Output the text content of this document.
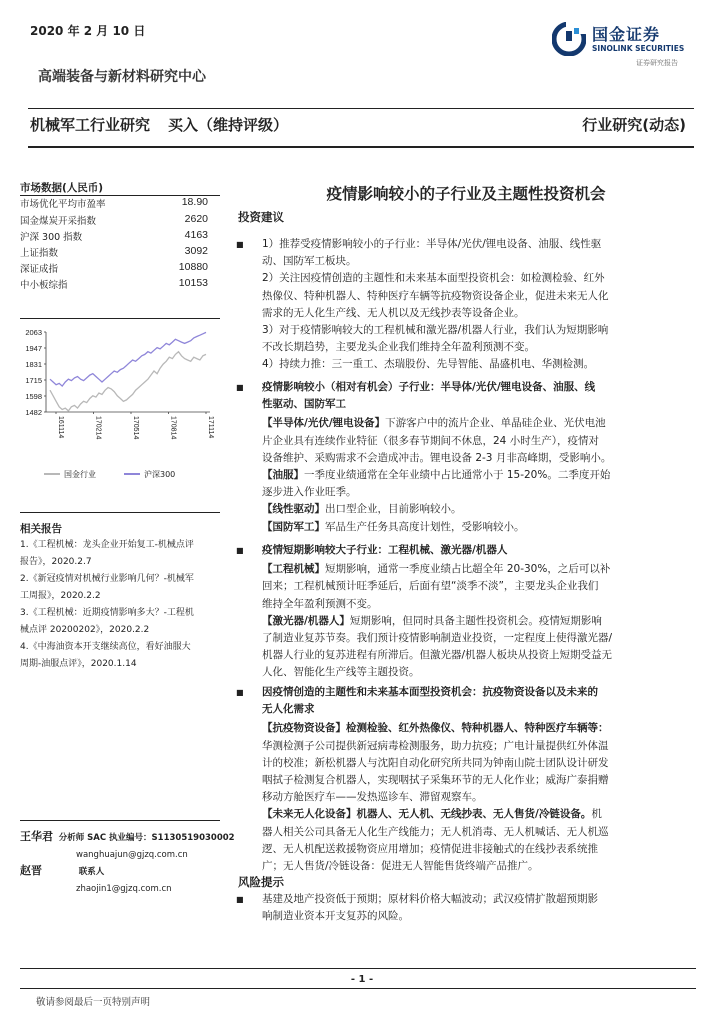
2020 年 2 月 10 日	国金证券
SINOLINK SECURITIES
证券研究报告
高端装备与新材料研究中心
机械军工行业研究 买入（维持评级）	行业研究(动态)
市场数据(人民币)
市场优化平均市盈率	18.90
国金煤炭开采指数	2620
沪深 300 指数	4163
上证指数	3092
深证成指	10880
中小板综指	10153
2063
1947
1831
1715
1598
1482
161114	170214	170514	170814	171114
国金行业	沪深300
相关报告
1.《工程机械：龙头企业开始复工-机械点评
报告》，2020.2.7
2.《新冠疫情对机械行业影响几何？-机械军
工周报》，2020.2.2
3.《工程机械：近期疫情影响多大？-工程机
械点评 20200202》，2020.2.2
4.《中海油资本开支继续高位，看好油服大
周期-油服点评》，2020.1.14
王华君 分析师 SAC 执业编号：S1130519030002
wanghuajun@gjzq.com.cn
赵晋	联系人
zhaojin1@gjzq.com.cn
疫情影响较小的子行业及主题性投资机会
投资建议
■ 1）推荐受疫情影响较小的子行业：半导体/光伏/锂电设备、油服、线性驱
动、国防军工板块。
2）关注因疫情创造的主题性和未来基本面型投资机会：如检测检验、红外
热像仪、特种机器人、特种医疗车辆等抗疫物资设备企业，促进未来无人化
需求的无人化生产线、无人机以及无线抄表等设备企业。
3）对于疫情影响较大的工程机械和激光器/机器人行业，我们认为短期影响
不改长期趋势，主要龙头企业我们维持全年盈利预测不变。
4）持续力推：三一重工、杰瑞股份、先导智能、晶盛机电、华测检测。
■ 疫情影响较小（相对有机会）子行业：半导体/光伏/锂电设备、油服、线
性驱动、国防军工
【半导体/光伏/锂电设备】下游客户中的流片企业、单晶硅企业、光伏电池
片企业具有连续作业特征（很多春节期间不休息，24 小时生产），疫情对
设备维护、采购需求不会造成冲击。锂电设备 2-3 月非高峰期，受影响小。
【油服】一季度业绩通常在全年业绩中占比通常小于 15-20%。二季度开始
逐步进入作业旺季。
【线性驱动】出口型企业，目前影响较小。
【国防军工】军品生产任务具高度计划性，受影响较小。
■ 疫情短期影响较大子行业：工程机械、激光器/机器人
【工程机械】短期影响，通常一季度业绩占比超全年 20-30%，之后可以补
回来；工程机械预计旺季延后，后面有望“淡季不淡”，主要龙头企业我们
维持全年盈利预测不变。
【激光器/机器人】短期影响，但同时具备主题性投资机会。疫情短期影响
了制造业复苏节奏。我们预计疫情影响制造业投资，一定程度上使得激光器/
机器人行业的复苏进程有所滞后。但激光器/机器人板块从投资上短期受益无
人化、智能化生产线等主题投资。
■ 因疫情创造的主题性和未来基本面型投资机会：抗疫物资设备以及未来的
无人化需求
【抗疫物资设备】检测检验、红外热像仪、特种机器人、特种医疗车辆等：
华测检测子公司提供新冠病毒检测服务，助力抗疫；广电计量提供红外体温
计的校准；新松机器人与沈阳自动化研究所共同为钟南山院士团队设计研发
咽拭子检测复合机器人，实现咽拭子采集环节的无人化作业；威海广泰捐赠
移动方舱医疗车——发热巡诊车、滞留观察车。
【未来无人化设备】机器人、无人机、无线抄表、无人售货/冷链设备。机
器人相关公司具备无人化生产线能力；无人机消毒、无人机喊话、无人机巡
逻、无人机配送救援物资应用增加；疫情促进非接触式的在线抄表系统推
广；无人售货/冷链设备：促进无人智能售货终端产品推广。
风险提示
■ 基建及地产投资低于预期；原材料价格大幅波动；武汉疫情扩散超预期影
响制造业资本开支复苏的风险。
- 1 -
敬请参阅最后一页特别声明
